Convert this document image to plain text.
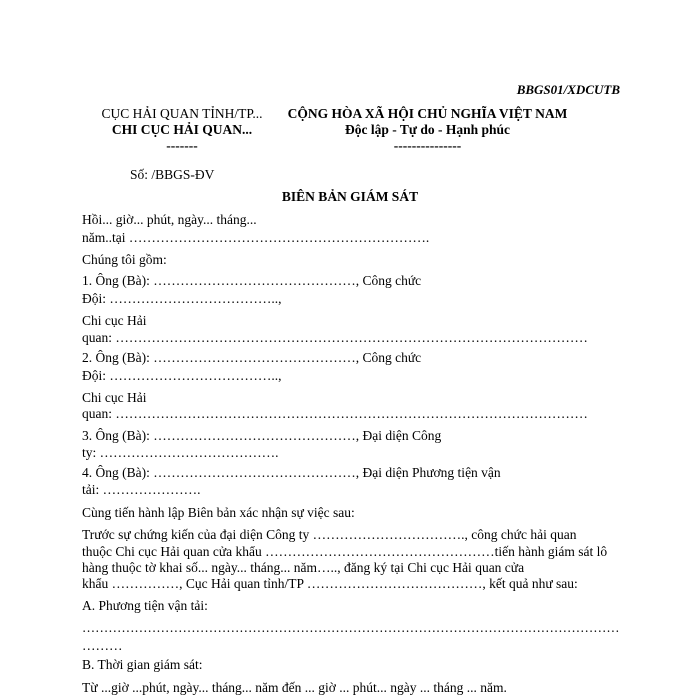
BBGS01/XDCUTB
CỤC HẢI QUAN TỈNH/TP...
CHI CỤC HẢI QUAN...
-------
CỘNG HÒA XÃ HỘI CHỦ NGHĨA VIỆT NAM
Độc lập - Tự do - Hạnh phúc
---------------
Số: /BBGS-ĐV
BIÊN BẢN GIÁM SÁT
Hồi... giờ... phút, ngày... tháng...
năm..tại ………………………………………………………….
Chúng tôi gồm:
1. Ông (Bà): ………………………………………, Công chức
Đội: ………………………………..,
Chi cục Hải
quan: ……………………………………………………………………………………………
2. Ông (Bà): ………………………………………, Công chức
Đội: ………………………………..,
Chi cục Hải
quan: ……………………………………………………………………………………………
3. Ông (Bà): ………………………………………, Đại diện Công
ty: ………………………………….
4. Ông (Bà): ………………………………………, Đại diện Phương tiện vận
tải: ………………….
Cùng tiến hành lập Biên bản xác nhận sự việc sau:
Trước sự chứng kiến của đại diện Công ty ……………………………., công chức hải quan
thuộc Chi cục Hải quan cửa khẩu ……………………………………………tiến hành giám sát lô
hàng thuộc tờ khai số... ngày... tháng... năm….., đăng ký tại Chi cục Hải quan cửa
khẩu ……………, Cục Hải quan tỉnh/TP …………………………………, kết quả như sau:
A. Phương tiện vận tải:
……………………………………………………………………………………………………………
………
B. Thời gian giám sát:
Từ ...giờ ...phút, ngày... tháng... năm đến ... giờ ... phút... ngày ... tháng ... năm.
